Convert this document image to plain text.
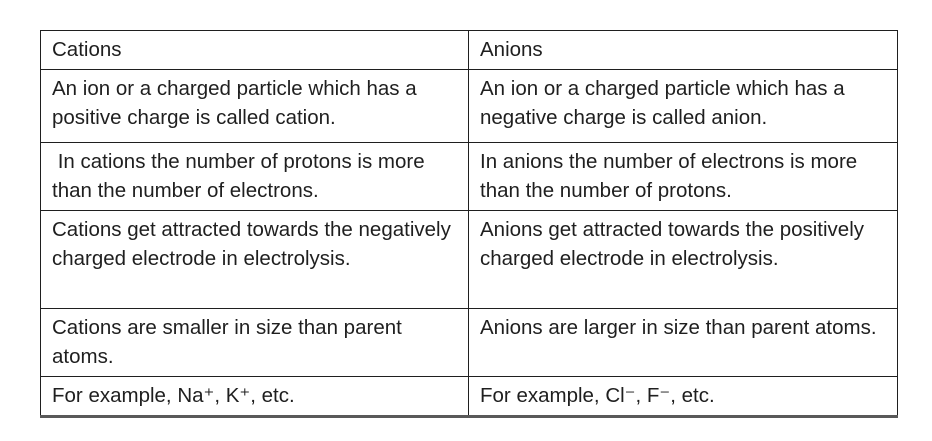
Cations	Anions
An ion or a charged particle which has a positive charge is called cation.	An ion or a charged particle which has a negative charge is called anion.
In cations the number of protons is more than the number of electrons.	In anions the number of electrons is more than the number of protons.
Cations get attracted towards the negatively charged electrode in electrolysis.	Anions get attracted towards the positively charged electrode in electrolysis.
Cations are smaller in size than parent atoms.	Anions are larger in size than parent atoms.
For example, Na⁺, K⁺, etc.	For example, Cl⁻, F⁻, etc.
